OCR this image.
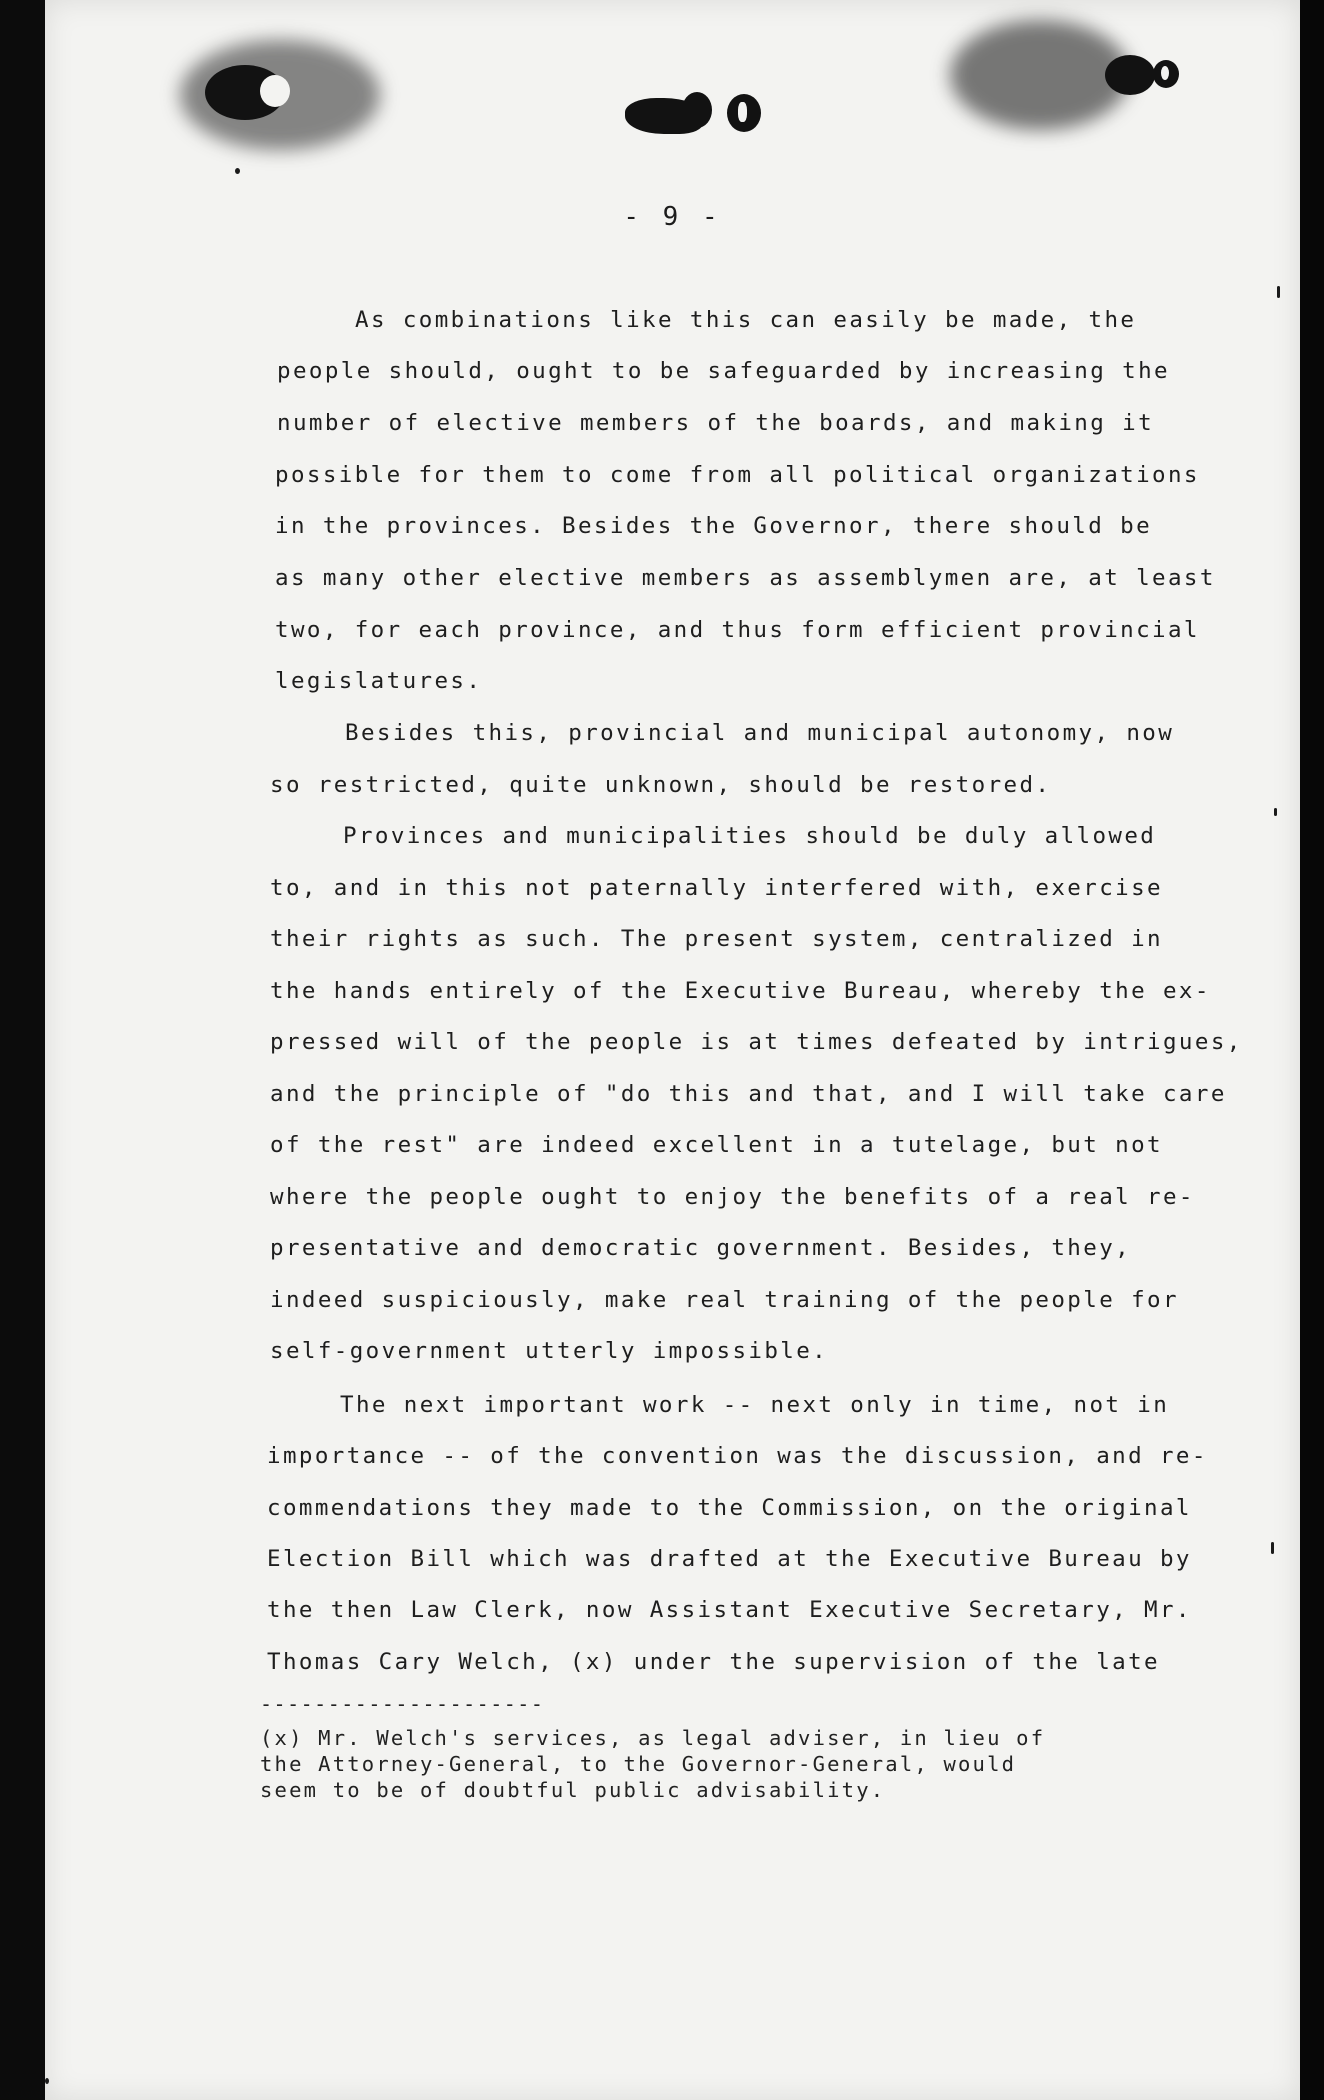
- 9 -

As combinations like this can easily be made, the

people should, ought to be safeguarded by increasing the

number of elective members of the boards, and making it

possible for them to come from all political organizations

in the provinces. Besides the Governor, there should be

as many other elective members as assemblymen are, at least

two, for each province, and thus form efficient provincial

legislatures.

Besides this, provincial and municipal autonomy, now

so restricted, quite unknown, should be restored.

Provinces and municipalities should be duly allowed

to, and in this not paternally interfered with, exercise

their rights as such. The present system, centralized in

the hands entirely of the Executive Bureau, whereby the ex-

pressed will of the people is at times defeated by intrigues,

and the principle of "do this and that, and I will take care

of the rest" are indeed excellent in a tutelage, but not

where the people ought to enjoy the benefits of a real re-

presentative and democratic government. Besides, they,

indeed suspiciously, make real training of the people for

self-government utterly impossible.

The next important work -- next only in time, not in

importance -- of the convention was the discussion, and re-

commendations they made to the Commission, on the original

Election Bill which was drafted at the Executive Bureau by

the then Law Clerk, now Assistant Executive Secretary, Mr.

Thomas Cary Welch, (x) under the supervision of the late

---------------------

(x) Mr. Welch's services, as legal adviser, in lieu of

the Attorney-General, to the Governor-General, would

seem to be of doubtful public advisability.
